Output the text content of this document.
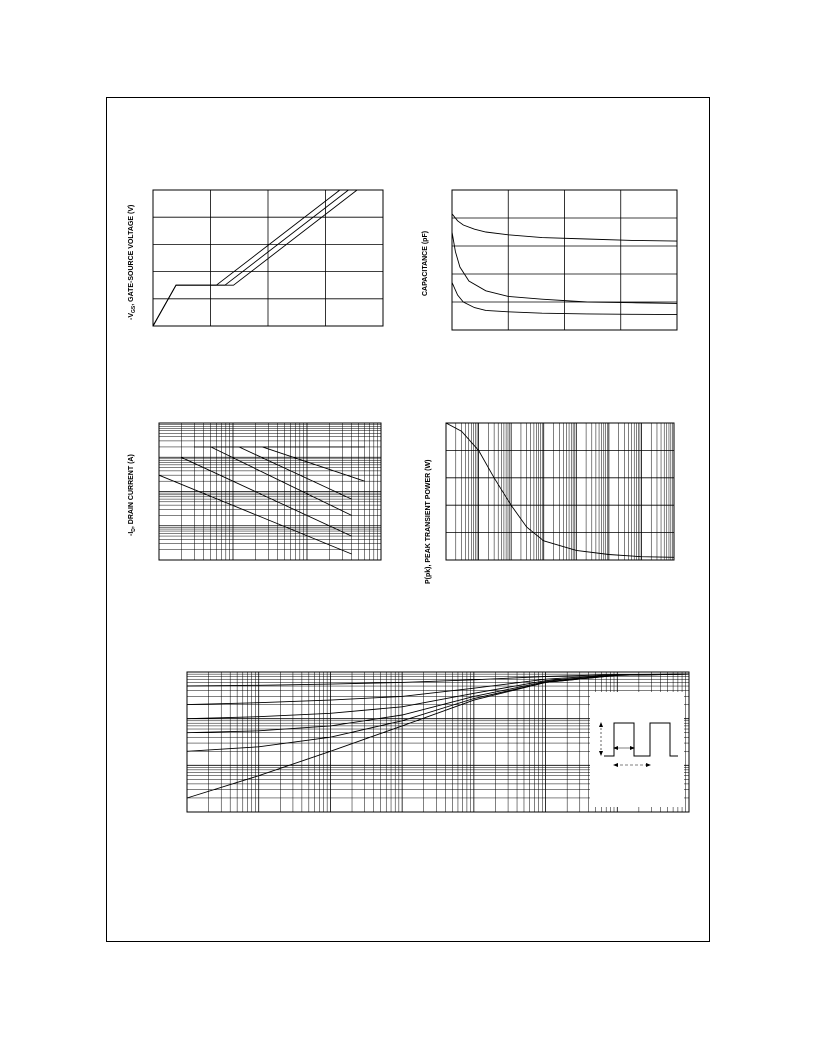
$-V_{GS}$, GATE-SOURCE VOLTAGE (V)	CAPACITANCE (pF)
$-I_D$, DRAIN CURRENT (A)	P(pk), PEAK TRANSIENT POWER (W)
